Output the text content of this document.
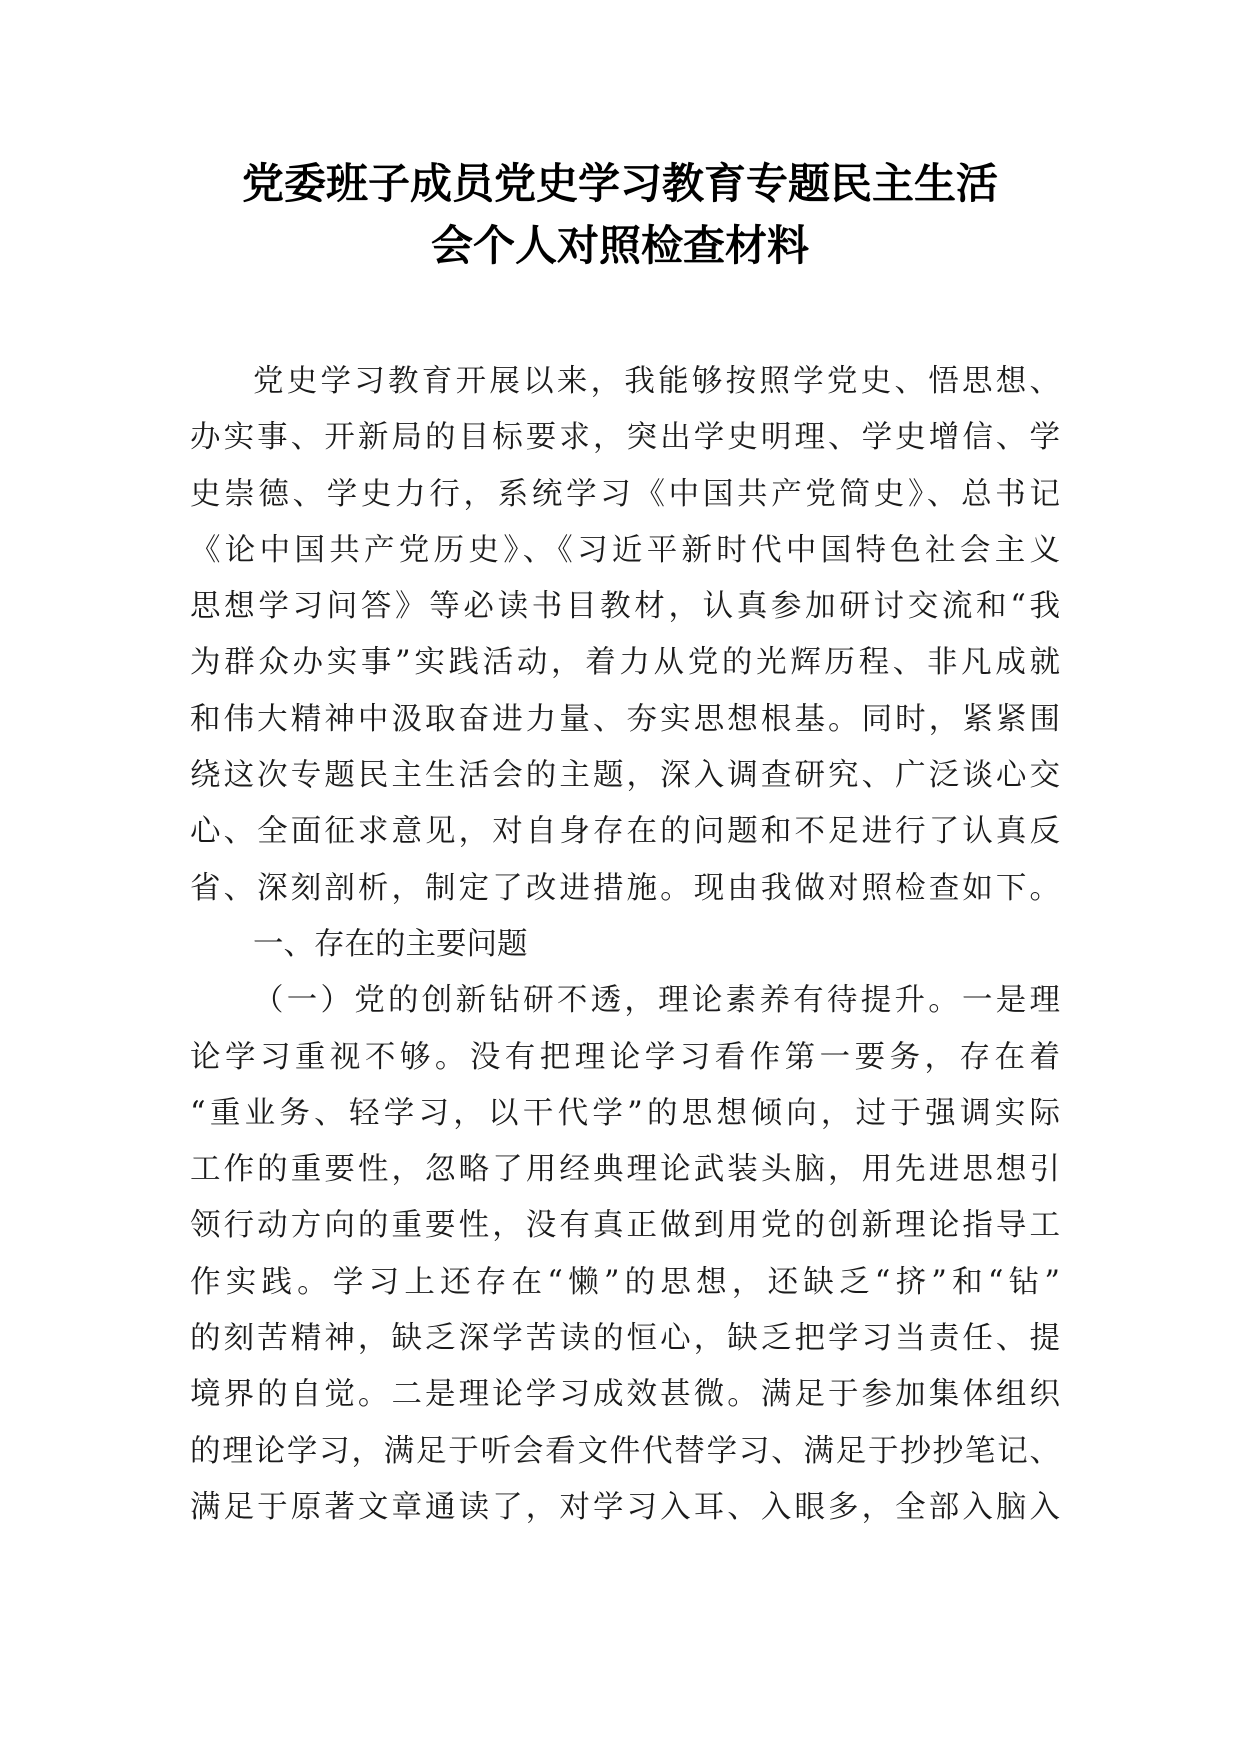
党委班子成员党史学习教育专题民主生活
会个人对照检查材料
党史学习教育开展以来，我能够按照学党史、悟思想、
办实事、开新局的目标要求，突出学史明理、学史增信、学
史崇德、学史力行，系统学习《中国共产党简史》、总书记
《论中国共产党历史》、《习近平新时代中国特色社会主义
思想学习问答》等必读书目教材，认真参加研讨交流和“我
为群众办实事”实践活动，着力从党的光辉历程、非凡成就
和伟大精神中汲取奋进力量、夯实思想根基。同时，紧紧围
绕这次专题民主生活会的主题，深入调查研究、广泛谈心交
心、全面征求意见，对自身存在的问题和不足进行了认真反
省、深刻剖析，制定了改进措施。现由我做对照检查如下。
一、存在的主要问题
（一）党的创新钻研不透，理论素养有待提升。一是理
论学习重视不够。没有把理论学习看作第一要务，存在着
“重业务、轻学习，以干代学”的思想倾向，过于强调实际
工作的重要性，忽略了用经典理论武装头脑，用先进思想引
领行动方向的重要性，没有真正做到用党的创新理论指导工
作实践。学习上还存在“懒”的思想，还缺乏“挤”和“钻”
的刻苦精神，缺乏深学苦读的恒心，缺乏把学习当责任、提
境界的自觉。二是理论学习成效甚微。满足于参加集体组织
的理论学习，满足于听会看文件代替学习、满足于抄抄笔记、
满足于原著文章通读了，对学习入耳、入眼多，全部入脑入
